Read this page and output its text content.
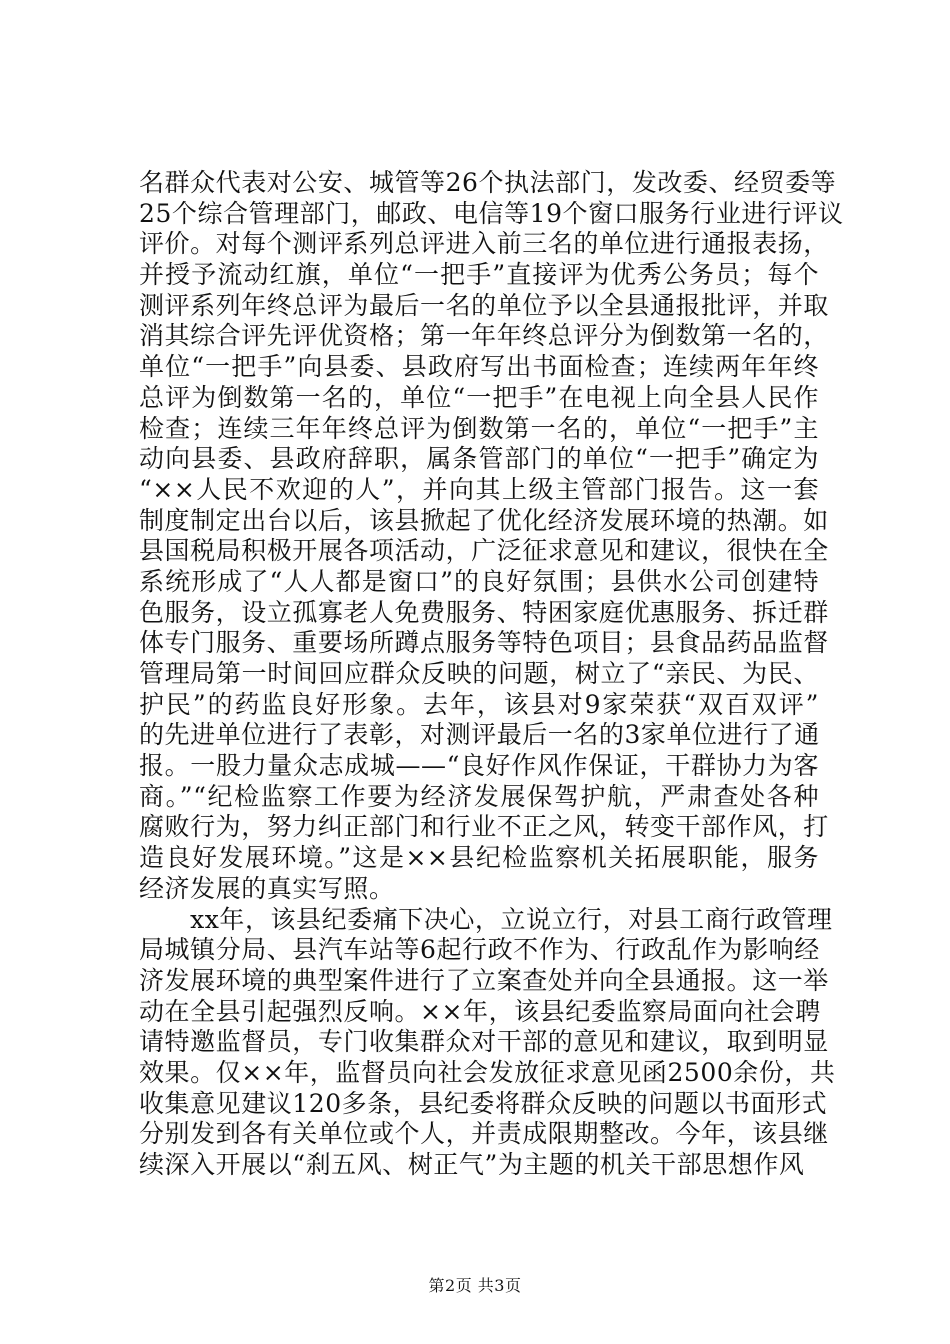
名群众代表对公安、城管等26个执法部门，发改委、经贸委等
25个综合管理部门，邮政、电信等19个窗口服务行业进行评议
评价。对每个测评系列总评进入前三名的单位进行通报表扬，
并授予流动红旗，单位“一把手”直接评为优秀公务员；每个
测评系列年终总评为最后一名的单位予以全县通报批评，并取
消其综合评先评优资格；第一年年终总评分为倒数第一名的，
单位“一把手”向县委、县政府写出书面检查；连续两年年终
总评为倒数第一名的，单位“一把手”在电视上向全县人民作
检查；连续三年年终总评为倒数第一名的，单位“一把手”主
动向县委、县政府辞职，属条管部门的单位“一把手”确定为
“××人民不欢迎的人”，并向其上级主管部门报告。这一套
制度制定出台以后，该县掀起了优化经济发展环境的热潮。如
县国税局积极开展各项活动，广泛征求意见和建议，很快在全
系统形成了“人人都是窗口”的良好氛围；县供水公司创建特
色服务，设立孤寡老人免费服务、特困家庭优惠服务、拆迁群
体专门服务、重要场所蹲点服务等特色项目；县食品药品监督
管理局第一时间回应群众反映的问题，树立了“亲民、为民、
护民”的药监良好形象。去年，该县对9家荣获“双百双评”
的先进单位进行了表彰，对测评最后一名的3家单位进行了通
报。一股力量众志成城——“良好作风作保证，干群协力为客
商。”“纪检监察工作要为经济发展保驾护航，严肃查处各种
腐败行为，努力纠正部门和行业不正之风，转变干部作风，打
造良好发展环境。”这是××县纪检监察机关拓展职能，服务
经济发展的真实写照。
　　xx年，该县纪委痛下决心，立说立行，对县工商行政管理
局城镇分局、县汽车站等6起行政不作为、行政乱作为影响经
济发展环境的典型案件进行了立案查处并向全县通报。这一举
动在全县引起强烈反响。××年，该县纪委监察局面向社会聘
请特邀监督员，专门收集群众对干部的意见和建议，取到明显
效果。仅××年，监督员向社会发放征求意见函2500余份，共
收集意见建议120多条，县纪委将群众反映的问题以书面形式
分别发到各有关单位或个人，并责成限期整改。今年，该县继
续深入开展以“刹五风、树正气”为主题的机关干部思想作风
第2页 共3页
